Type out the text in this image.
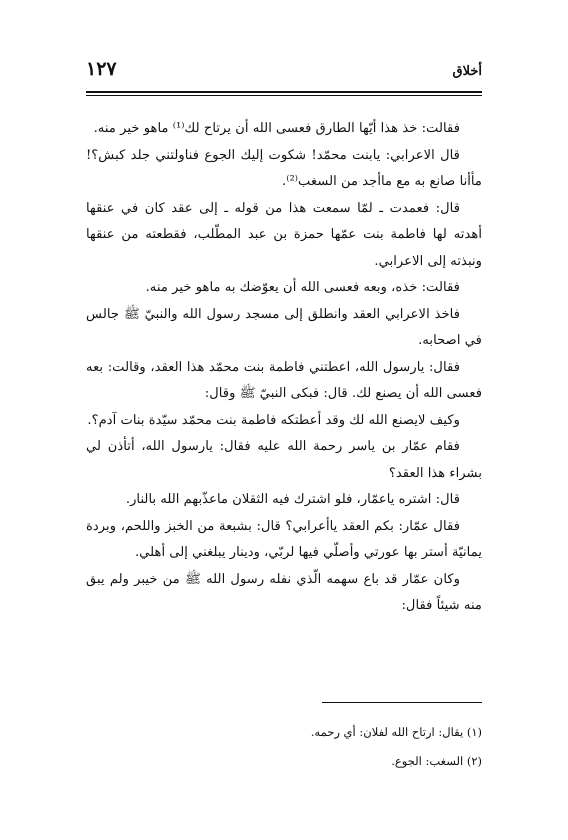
أخلاق
١٢٧

فقالت: خذ هذا أيّها الطارق فعسى الله أن يرتاح لك⁽¹⁾ ماهو خير منه.

قال الاعرابي: يابنت محمّد! شكوت إليك الجوع فناولتني جلد كبش؟! مأأنا صانع به مع ماأجد من السغب⁽²⁾.

قال: فعمدت ـ لمّا سمعت هذا من قوله ـ إلى عقد كان في عنقها أهدته لها فاطمة بنت عمّها حمزة بن عبد المطّلب، فقطعته من عنقها ونبذته إلى الاعرابي.

فقالت: خذه، وبعه فعسى الله أن يعوّضك به ماهو خير منه.

فاخذ الاعرابي العقد وانطلق إلى مسجد رسول الله والنبيّ ﷺ جالس في اصحابه.

فقال: يارسول الله، اعطتني فاطمة بنت محمّد هذا العقد، وقالت: بعه فعسى الله أن يصنع لك. قال: فبكى النبيّ ﷺ وقال:

وكيف لايصنع الله لك وقد أعطتكه فاطمة بنت محمّد سيّدة بنات آدم؟.

فقام عمّار بن ياسر رحمة الله عليه فقال: يارسول الله، أتأذن لي بشراء هذا العقد؟

قال: اشتره ياعمّار، فلو اشترك فيه الثقلان ماعذّبهم الله بالنار.

فقال عمّار: بكم العقد ياأعرابي؟ قال: بشبعة من الخبز واللحم، وبردة يمانيّة أستر بها عورتي وأصلّي فيها لربّي، ودينار يبلغني إلى أهلي.

وكان عمّار قد باع سهمه الّذي نفله رسول الله ﷺ من خيبر ولم يبق منه شيئاً فقال:

(١) يقال: ارتاح الله لفلان: أي رحمه.

(٢) السغب: الجوع.
